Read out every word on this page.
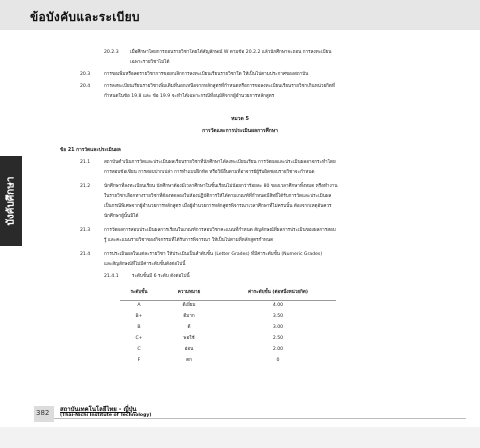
ข้อบังคับและระเบียบ
บังคับศึกษา
20.2.3 เมื่อศึกษาโดยการถอนรายวิชาโดยได้สัญลักษณ์ W ตามข้อ 20.2.2 แล้วนักศึกษาจะถอน การลงทะเบียน
เฉพาะรายวิชาไม่ได้
20.3	การขอเพิ่มหรือลดรายวิชาการขอยกเลิกการลงทะเบียนเรียนรายวิชาใด ให้เป็นไปตามประกาศของสถาบัน
20.4	การลงทะเบียนเรียนรายวิชาเพิ่มเติมที่นอกเหนือจากหลักสูตรที่กำหนดหรือการขอลงทะเบียนเรียนรายวิชาเกินหน่วยกิตที่
กำหนดในข้อ 19.8 และ ข้อ 19.9 จะทำได้เฉพาะกรณีที่อนุมัติจากผู้อำนวยการหลักสูตร
หมวด 5
การวัดและการประเมินผลการศึกษา
ข้อ 21 การวัดและประเมินผล
21.1	สถาบันดำเนินการวัดและประเมินผลเรียนรายวิชาที่นักศึกษาได้ลงทะเบียนเรียน การวัดผลและประเมินผลอาจกระทำโดย
การสอบข้อเขียน การสอบปากเปล่า การทำแบบฝึกหัด หรือวิธีอื่นตามที่อาจารย์ผู้รับผิดชอบรายวิชาจะกำหนด
21.2	นักศึกษาที่ลงทะเบียนเรียน นักศึกษาต้องมีเวลาศึกษาในชั้นเรียนไม่น้อยกว่าร้อยละ 80 ของเวลาศึกษาทั้งหมด หรือทำงาน
ในรายวิชาเลือกทางรายวิชาที่ต้องทดลองในห้องปฏิบัติการให้ได้ตามเกณฑ์ที่กำหนดมีสิทธิ์ได้รับการวัดและประเมินผล
เป็นกรณีพิเศษจากผู้อำนวยการหลักสูตร เมื่อผู้อำนวยการหลักสูตรพิจารณาเวลาศึกษาที่ไม่ครบนั้น ต้องจากเหตุอันควร
นักศึกษาผู้นั้นมิได้
21.3	การวัดผลการสอบประเมินผลการเรียนในเกณฑ์การสอบวิชาคะแนนที่กำหนด สัญลักษณ์ที่ผลการประเมินของผลการสอบ
รู้ และคะแนนรายวิชาของกิจกรรมที่ได้รับการพิจารณา ให้เป็นไปตามที่หลักสูตรกำหนด
21.4	การประเมินผลในแต่ละรายวิชา ให้ประเมินเป็นลำดับขั้น (Letter Grades) ที่มีค่าระดับขั้น (Numeric Grades)
และสัญลักษณ์ที่ไม่มีค่าระดับขั้นดังต่อไปนี้
21.4.1	ระดับขั้นมี 6 ระดับ ดังต่อไปนี้
ระดับขั้น	ความหมาย	ค่าระดับขั้น (ต่อหนึ่งหน่วยกิต)
A	ดีเยี่ยม	4.00
B+	ดีมาก	3.50
B	ดี	3.00
C+	พอใช้	2.50
C	อ่อน	2.00
F	ตก	0
382 สถาบันเทคโนโลยีไทย - ญี่ปุ่น
(Thai-Nichi Institute of Technology)
